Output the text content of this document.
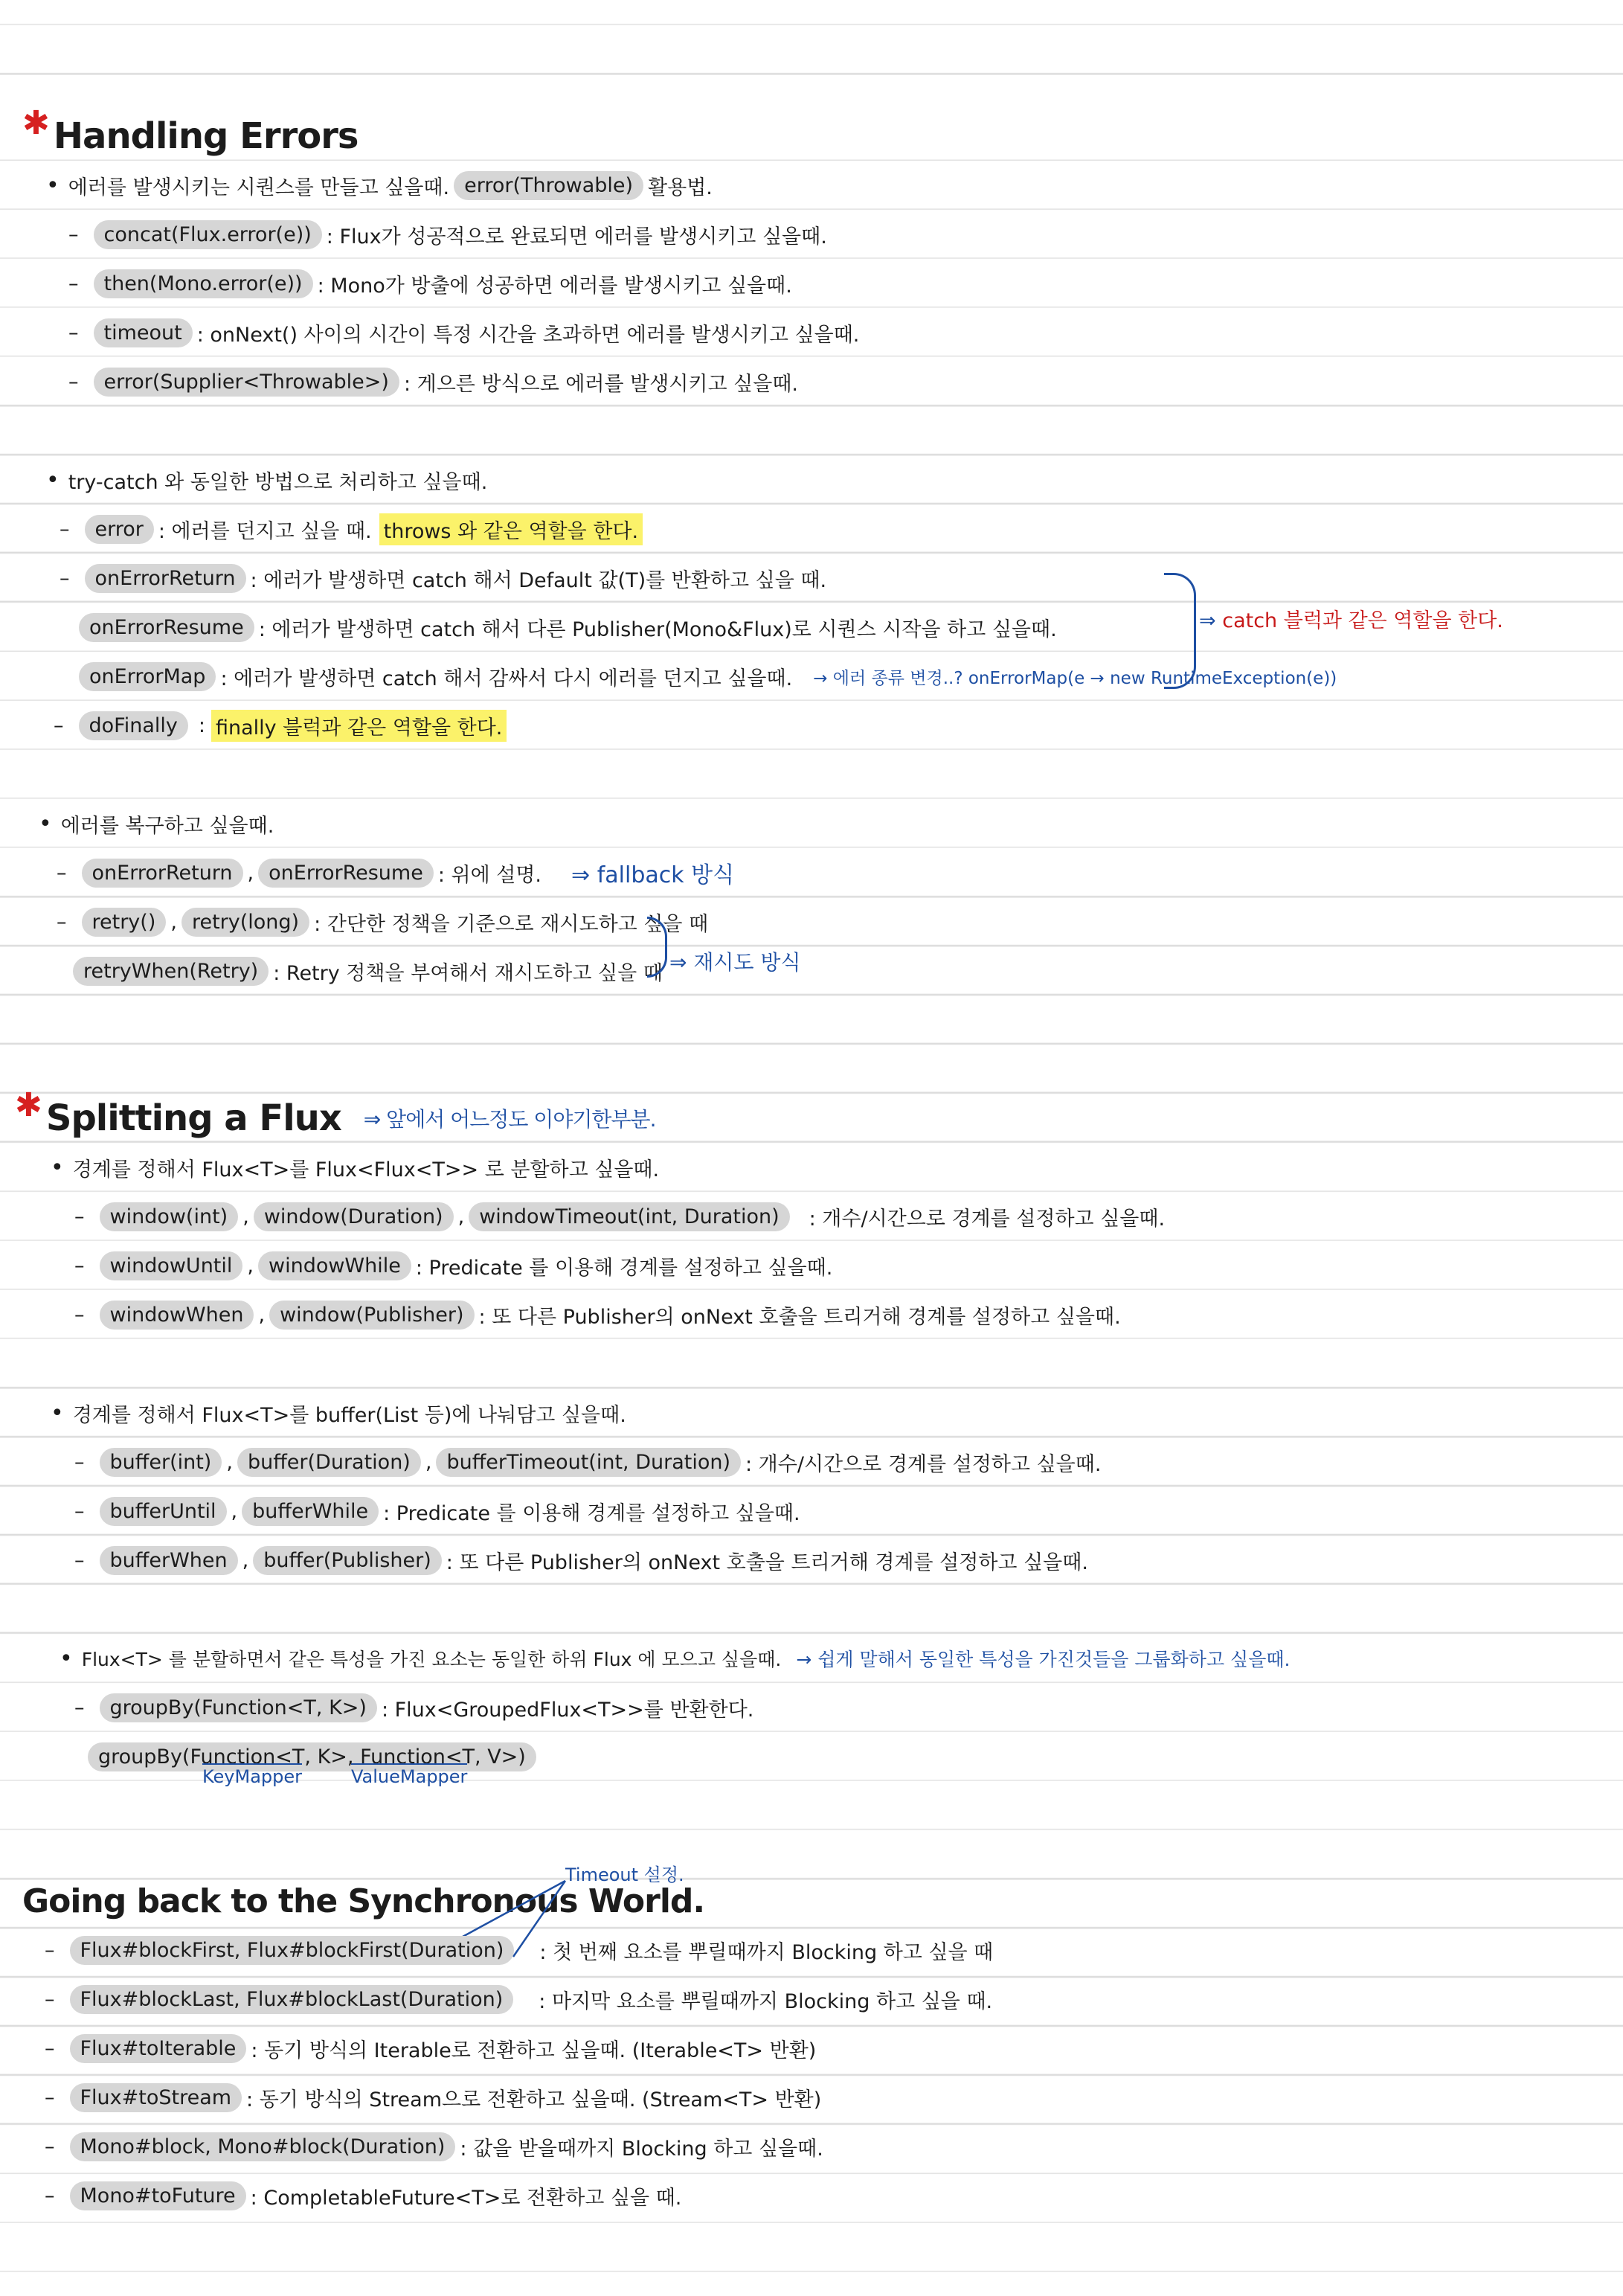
✱ Handling Errors
• 에러를 발생시키는 시퀀스를 만들고 싶을때. error(Throwable) 활용법.
–	concat(Flux.error(e)) : Flux가 성공적으로 완료되면 에러를 발생시키고 싶을때.
–	then(Mono.error(e)) : Mono가 방출에 성공하면 에러를 발생시키고 싶을때.
–	timeout : onNext() 사이의 시간이 특정 시간을 초과하면 에러를 발생시키고 싶을때.
–	error(Supplier<Throwable>) : 게으른 방식으로 에러를 발생시키고 싶을때.
• try-catch 와 동일한 방법으로 처리하고 싶을때.
–	error : 에러를 던지고 싶을 때. throws 와 같은 역할을 한다.
–	onErrorReturn : 에러가 발생하면 catch 해서 Default 값(T)를 반환하고 싶을 때.
onErrorResume : 에러가 발생하면 catch 해서 다른 Publisher(Mono&Flux)로 시퀀스 시작을 하고 싶을때.
onErrorMap : 에러가 발생하면 catch 해서 감싸서 다시 에러를 던지고 싶을때. → 에러 종류 변경..? onErrorMap(e → new RuntimeException(e))
⇒ catch 블럭과 같은 역할을 한다.
–	doFinally	: finally 블럭과 같은 역할을 한다.
• 에러를 복구하고 싶을때.
–	onErrorReturn , onErrorResume : 위에 설명. ⇒ fallback 방식
–	retry() , retry(long) : 간단한 정책을 기준으로 재시도하고 싶을 때
retryWhen(Retry) : Retry 정책을 부여해서 재시도하고 싶을 때 ⇒ 재시도 방식
✱ Splitting a Flux ⇒ 앞에서 어느정도 이야기한부분.
• 경계를 정해서 Flux<T>를 Flux<Flux<T>> 로 분할하고 싶을때.
–	window(int) , window(Duration) , windowTimeout(int, Duration)	: 개수/시간으로 경계를 설정하고 싶을때.
–	windowUntil , windowWhile : Predicate 를 이용해 경계를 설정하고 싶을때.
–	windowWhen , window(Publisher) : 또 다른 Publisher의 onNext 호출을 트리거해 경계를 설정하고 싶을때.
• 경계를 정해서 Flux<T>를 buffer(List 등)에 나눠담고 싶을때.
–	buffer(int) , buffer(Duration) , bufferTimeout(int, Duration) : 개수/시간으로 경계를 설정하고 싶을때.
–	bufferUntil , bufferWhile : Predicate 를 이용해 경계를 설정하고 싶을때.
–	bufferWhen , buffer(Publisher) : 또 다른 Publisher의 onNext 호출을 트리거해 경계를 설정하고 싶을때.
• Flux<T> 를 분할하면서 같은 특성을 가진 요소는 동일한 하위 Flux 에 모으고 싶을때. → 쉽게 말해서 동일한 특성을 가진것들을 그룹화하고 싶을때.
–	groupBy(Function<T, K>) : Flux<GroupedFlux<T>>를 반환한다.
groupBy(Function<T, K>, Function<T, V>)
KeyMapper	ValueMapper
Going back to the Synchronous World.
Timeout 설정.
–	Flux#blockFirst, Flux#blockFirst(Duration)	: 첫 번째 요소를 뿌릴때까지 Blocking 하고 싶을 때
–	Flux#blockLast, Flux#blockLast(Duration)	: 마지막 요소를 뿌릴때까지 Blocking 하고 싶을 때.
–	Flux#toIterable : 동기 방식의 Iterable로 전환하고 싶을때. (Iterable<T> 반환)
–	Flux#toStream : 동기 방식의 Stream으로 전환하고 싶을때. (Stream<T> 반환)
–	Mono#block, Mono#block(Duration) : 값을 받을때까지 Blocking 하고 싶을때.
–	Mono#toFuture : CompletableFuture<T>로 전환하고 싶을 때.
